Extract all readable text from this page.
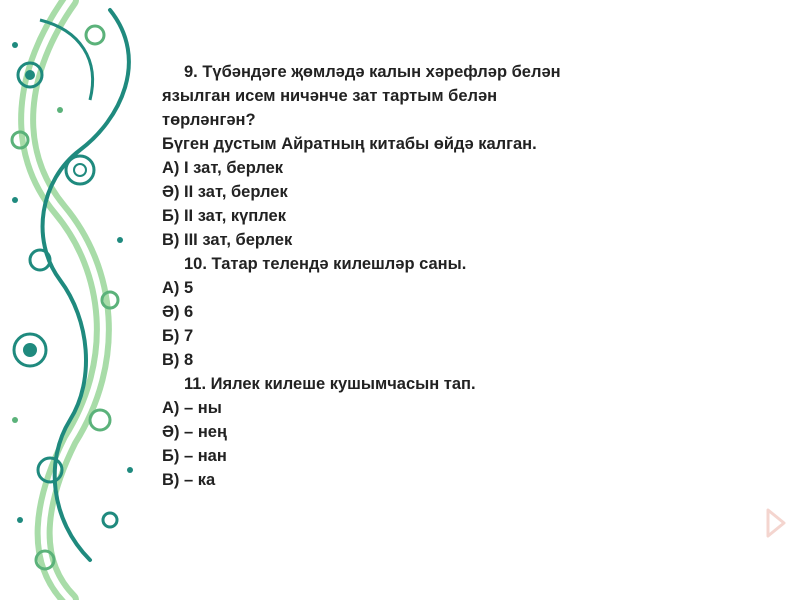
9. Түбәндәге җөмләдә калын хәрефләр белән
язылган исем ничәнче зат тартым белән
төрләнгән?
Бүген дустым Айратның китабы өйдә калган.
А) I зат, берлек
Ә) II зат, берлек
Б) II зат, күплек
В) III зат, берлек
10. Татар телендә килешләр саны.
А) 5
Ә) 6
Б) 7
В) 8
11. Иялек килеше кушымчасын тап.
А) – ны
Ә) – нең
Б) – нан
В) – ка
